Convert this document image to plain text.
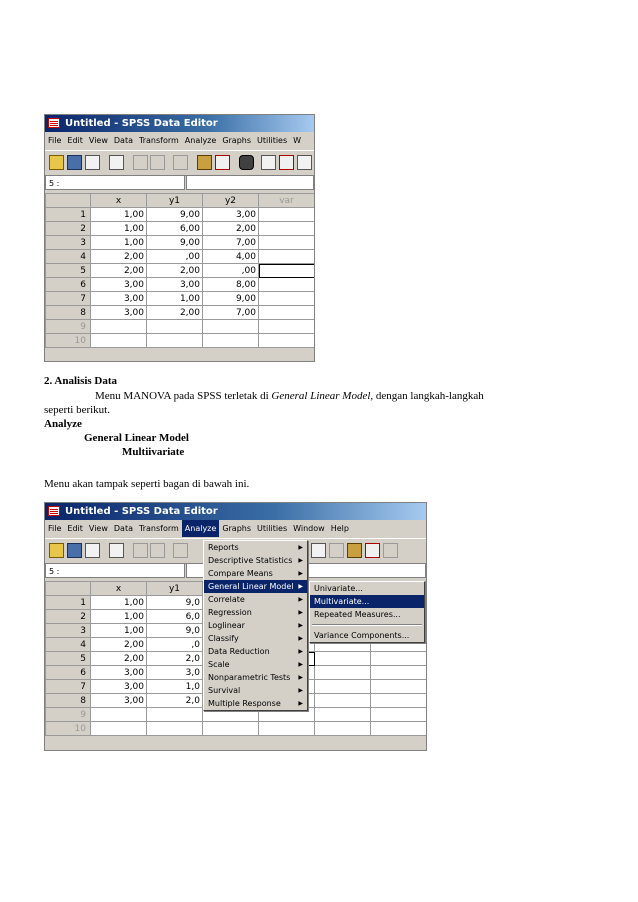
Untitled - SPSS Data Editor
File Edit View Data Transform Analyze Graphs Utilities W
5 :
	x	y1	y2	var
1	1,00	9,00	3,00	
2	1,00	6,00	2,00	
3	1,00	9,00	7,00	
4	2,00	,00	4,00	
5	2,00	2,00	,00	
6	3,00	3,00	8,00	
7	3,00	1,00	9,00	
8	3,00	2,00	7,00	
9				
10				
2. Analisis Data
Menu MANOVA pada SPSS terletak di General Linear Model, dengan langkah-langkah
seperti berikut.
Analyze
General Linear Model
Multiivariate
Menu akan tampak seperti bagan di bawah ini.
Untitled - SPSS Data Editor
File Edit View Data Transform Analyze Graphs Utilities Window Help
5 :
	x	y1				
1	1,00	9,0				
2	1,00	6,0				
3	1,00	9,0				
4	2,00	,0				
5	2,00	2,0				
6	3,00	3,0				
7	3,00	1,0				
8	3,00	2,0				
9						
10						
Reports	▶
Descriptive Statistics ▶
Compare Means	▶
General Linear Model ▶
Correlate	▶
Regression	▶
Loglinear	▶
Classify	▶
Data Reduction	▶
Scale	▶
Nonparametric Tests ▶
Survival	▶
Multiple Response	▶
Univariate...
Multivariate...
Repeated Measures...
Variance Components...
